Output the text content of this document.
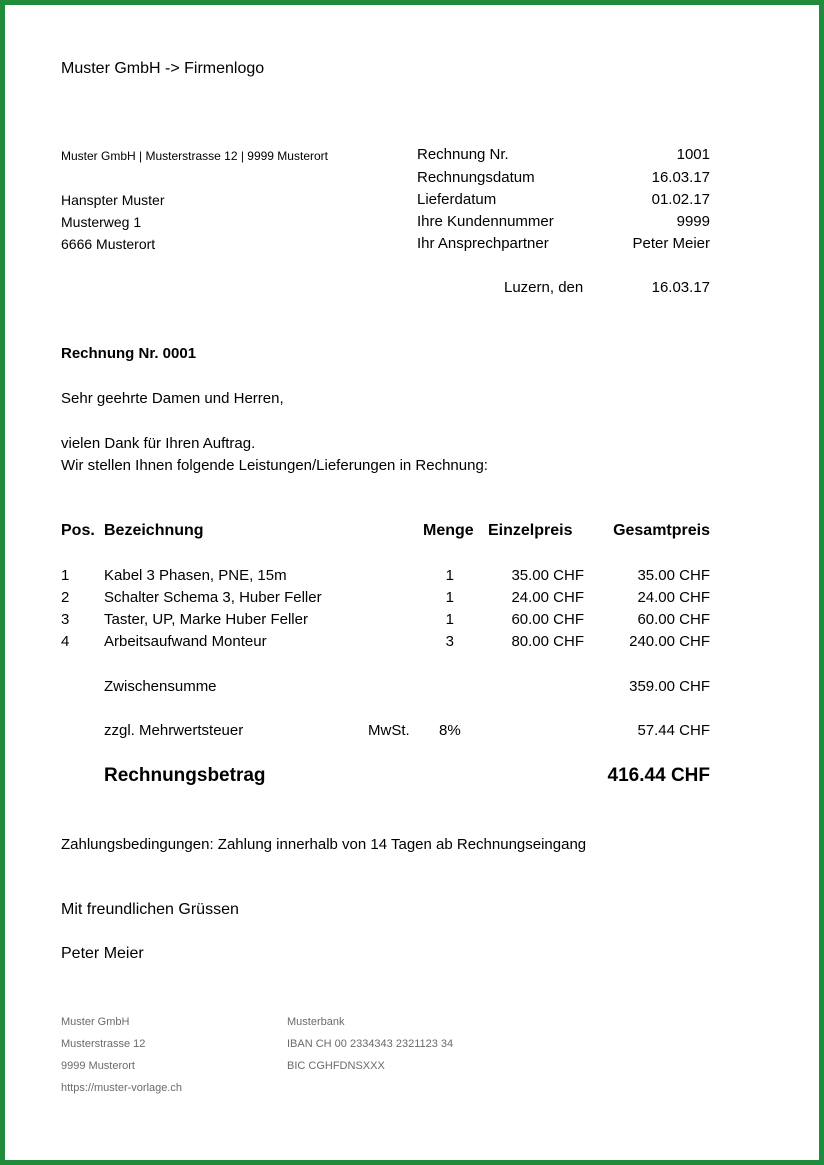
Muster GmbH -> Firmenlogo
Muster GmbH | Musterstrasse 12 | 9999 Musterort
Hanspter Muster
Musterweg 1
6666 Musterort
Rechnung Nr.	1001
Rechnungsdatum	16.03.17
Lieferdatum	01.02.17
Ihre Kundennummer	9999
Ihr Ansprechpartner	Peter Meier
Luzern, den	16.03.17
Rechnung Nr. 0001
Sehr geehrte Damen und Herren,
vielen Dank für Ihren Auftrag.
Wir stellen Ihnen folgende Leistungen/Lieferungen in Rechnung:
Pos. Bezeichnung	Menge Einzelpreis	Gesamtpreis
1 Kabel 3 Phasen, PNE, 15m	1	35.00 CHF	35.00 CHF
2 Schalter Schema 3, Huber Feller	1	24.00 CHF	24.00 CHF
3 Taster, UP, Marke Huber Feller	1	60.00 CHF	60.00 CHF
4 Arbeitsaufwand Monteur	3	80.00 CHF	240.00 CHF
Zwischensumme	359.00 CHF
zzgl. Mehrwertsteuer	MwSt. 8%	57.44 CHF
Rechnungsbetrag	416.44 CHF
Zahlungsbedingungen: Zahlung innerhalb von 14 Tagen ab Rechnungseingang
Mit freundlichen Grüssen
Peter Meier
Muster GmbH
Musterstrasse 12
9999 Musterort
https://muster-vorlage.ch
Musterbank
IBAN CH 00 2334343 2321123 34
BIC CGHFDNSXXX
